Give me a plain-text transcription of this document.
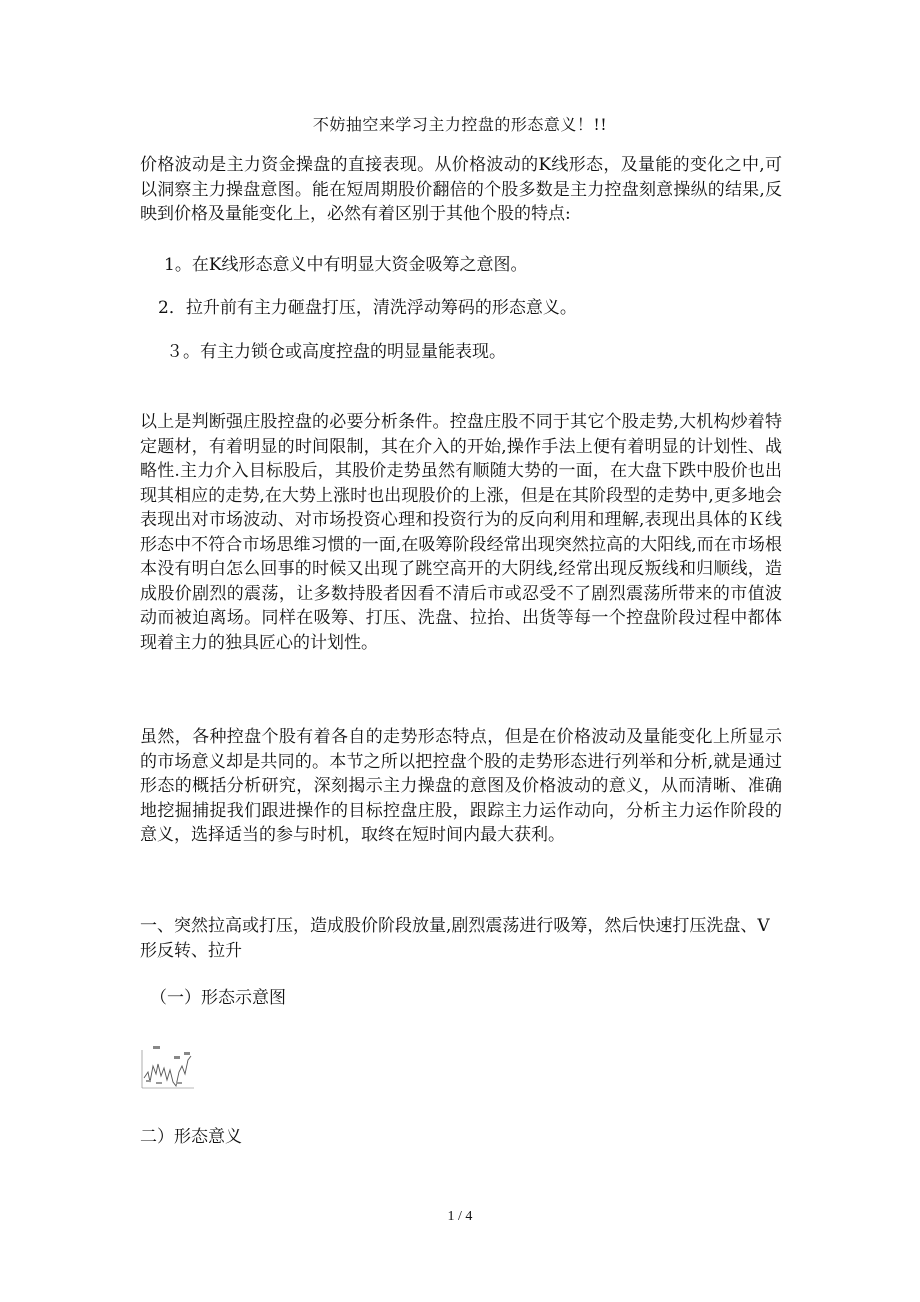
不妨抽空来学习主力控盘的形态意义！!!

价格波动是主力资金操盘的直接表现。从价格波动的K线形态，及量能的变化之中,可以洞察主力操盘意图。能在短周期股价翻倍的个股多数是主力控盘刻意操纵的结果,反映到价格及量能变化上，必然有着区别于其他个股的特点:

1。在K线形态意义中有明显大资金吸筹之意图。
2．拉升前有主力砸盘打压，清洗浮动筹码的形态意义。
３。有主力锁仓或高度控盘的明显量能表现。

以上是判断强庄股控盘的必要分析条件。控盘庄股不同于其它个股走势,大机构炒着特定题材，有着明显的时间限制，其在介入的开始,操作手法上便有着明显的计划性、战略性.主力介入目标股后，其股价走势虽然有顺随大势的一面，在大盘下跌中股价也出现其相应的走势,在大势上涨时也出现股价的上涨，但是在其阶段型的走势中,更多地会表现出对市场波动、对市场投资心理和投资行为的反向利用和理解,表现出具体的Ｋ线形态中不符合市场思维习惯的一面,在吸筹阶段经常出现突然拉高的大阳线,而在市场根本没有明白怎么回事的时候又出现了跳空高开的大阴线,经常出现反叛线和归顺线，造成股价剧烈的震荡，让多数持股者因看不清后市或忍受不了剧烈震荡所带来的市值波动而被迫离场。同样在吸筹、打压、洗盘、拉抬、出货等每一个控盘阶段过程中都体现着主力的独具匠心的计划性。

虽然，各种控盘个股有着各自的走势形态特点，但是在价格波动及量能变化上所显示的市场意义却是共同的。本节之所以把控盘个股的走势形态进行列举和分析,就是通过形态的概括分析研究，深刻揭示主力操盘的意图及价格波动的意义，从而清晰、准确地挖掘捕捉我们跟进操作的目标控盘庄股，跟踪主力运作动向，分析主力运作阶段的意义，选择适当的参与时机，取终在短时间内最大获利。

一、突然拉高或打压，造成股价阶段放量,剧烈震荡进行吸筹，然后快速打压洗盘、V形反转、拉升
（一）形态示意图
二）形态意义
1 / 4
